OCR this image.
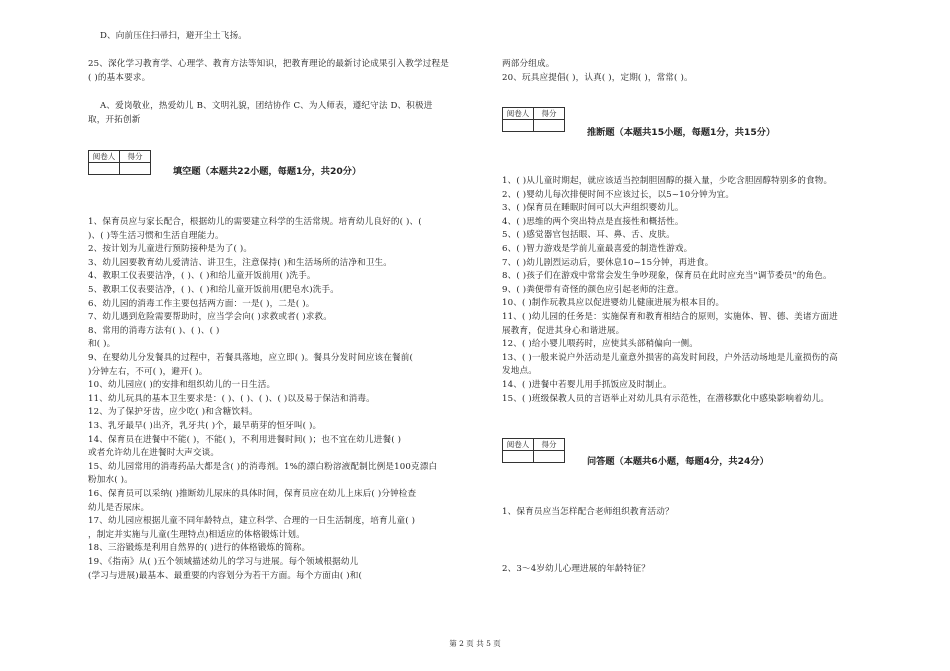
D、向前压住扫帚扫，避开尘土飞扬。
25、深化学习教育学、心理学、教育方法等知识，把教育理论的最新讨论成果引入教学过程是
( )的基本要求。
A、爱岗敬业，热爱幼儿 B、文明礼貌，团结协作 C、为人师表，遵纪守法 D、积极进
取，开拓创新
阅卷人	得分

填空题（本题共22小题，每题1分，共20分）
1、保育员应与家长配合，根据幼儿的需要建立科学的生活常规。培育幼儿良好的( )、(
)、( )等生活习惯和生活自理能力。
2、按计划为儿童进行预防接种是为了( )。
3、幼儿园要教育幼儿爱清洁、讲卫生，注意保持( )和生活场所的洁净和卫生。
4、教职工仪表要洁净，( )、( )和给儿童开饭前用( )洗手。
5、教职工仪表要洁净，( )、( )和给儿童开饭前用(肥皂水)洗手。
6、幼儿园的消毒工作主要包括两方面：一是( )，二是( )。
7、幼儿遇到危险需要帮助时，应当学会向( )求救或者( )求救。
8、常用的消毒方法有( )、( )、( )
和( )。
9、在婴幼儿分发餐具的过程中，若餐具落地，应立即( )。餐具分发时间应该在餐前(
)分钟左右，不可( )，避开( )。
10、幼儿园应( )的安排和组织幼儿的一日生活。
11、幼儿玩具的基本卫生要求是：( )、( )、( )、( )以及易于保洁和消毒。
12、为了保护牙齿，应少吃( )和含糖饮料。
13、乳牙最早( )出齐，乳牙共( )个，最早萌芽的恒牙叫( )。
14、保育员在进餐中不能( )，不能( )，不利用进餐时间( )；也不宜在幼儿进餐( )
或者允许幼儿在进餐时大声交谈。
15、幼儿园常用的消毒药品大都是含( )的消毒剂。1%的漂白粉溶液配制比例是100克漂白
粉加水( )。
16、保育员可以采纳( )推断幼儿尿床的具体时间，保育员应在幼儿上床后( )分钟检查
幼儿是否尿床。
17、幼儿园应根据儿童不同年龄特点，建立科学、合理的一日生活制度，培育儿童( )
，制定并实施与儿童(生理特点)相适应的体格锻炼计划。
18、三浴锻炼是利用自然界的( )进行的体格锻炼的简称。
19、《指南》从( )五个领域描述幼儿的学习与进展。每个领域根据幼儿
(学习与进展)最基本、最重要的内容划分为若干方面。每个方面由( )和(
两部分组成。
20、玩具应提倡( )，认真( )，定期( )，常常( )。
阅卷人	得分

推断题（本题共15小题，每题1分，共15分）
1、( )从儿童时期起，就应该适当控制胆固醇的摄入量，少吃含胆固醇特别多的食物。
2、( )婴幼儿每次排便时间不应该过长，以5~10分钟为宜。
3、( )保育员在睡眠时间可以大声组织婴幼儿。
4、( )思维的两个突出特点是直接性和概括性。
5、( )感觉器官包括眼、耳、鼻、舌、皮肤。
6、( )智力游戏是学前儿童最喜爱的制造性游戏。
7、( )幼儿剧烈运动后，要休息10~15分钟，再进食。
8、( )孩子们在游戏中常常会发生争吵现象，保育员在此时应充当"调节委员"的角色。
9、( )粪便带有奇怪的颜色应引起老师的注意。
10、( )制作玩教具应以促进婴幼儿健康进展为根本目的。
11、( )幼儿园的任务是：实施保育和教育相结合的原则，实施体、智、德、美诸方面进
展教育，促进其身心和谐进展。
12、( )给小婴儿喂药时，应使其头部稍偏向一侧。
13、( )一般来说户外活动是儿童意外损害的高发时间段，户外活动场地是儿童损伤的高
发地点。
14、( )进餐中若婴儿用手抓饭应及时制止。
15、( )班级保教人员的言语举止对幼儿具有示范性，在潜移默化中感染影响着幼儿。
阅卷人	得分

问答题（本题共6小题，每题4分，共24分）
1、保育员应当怎样配合老师组织教育活动？
2、3～4岁幼儿心理进展的年龄特征？
第 2 页 共 5 页
